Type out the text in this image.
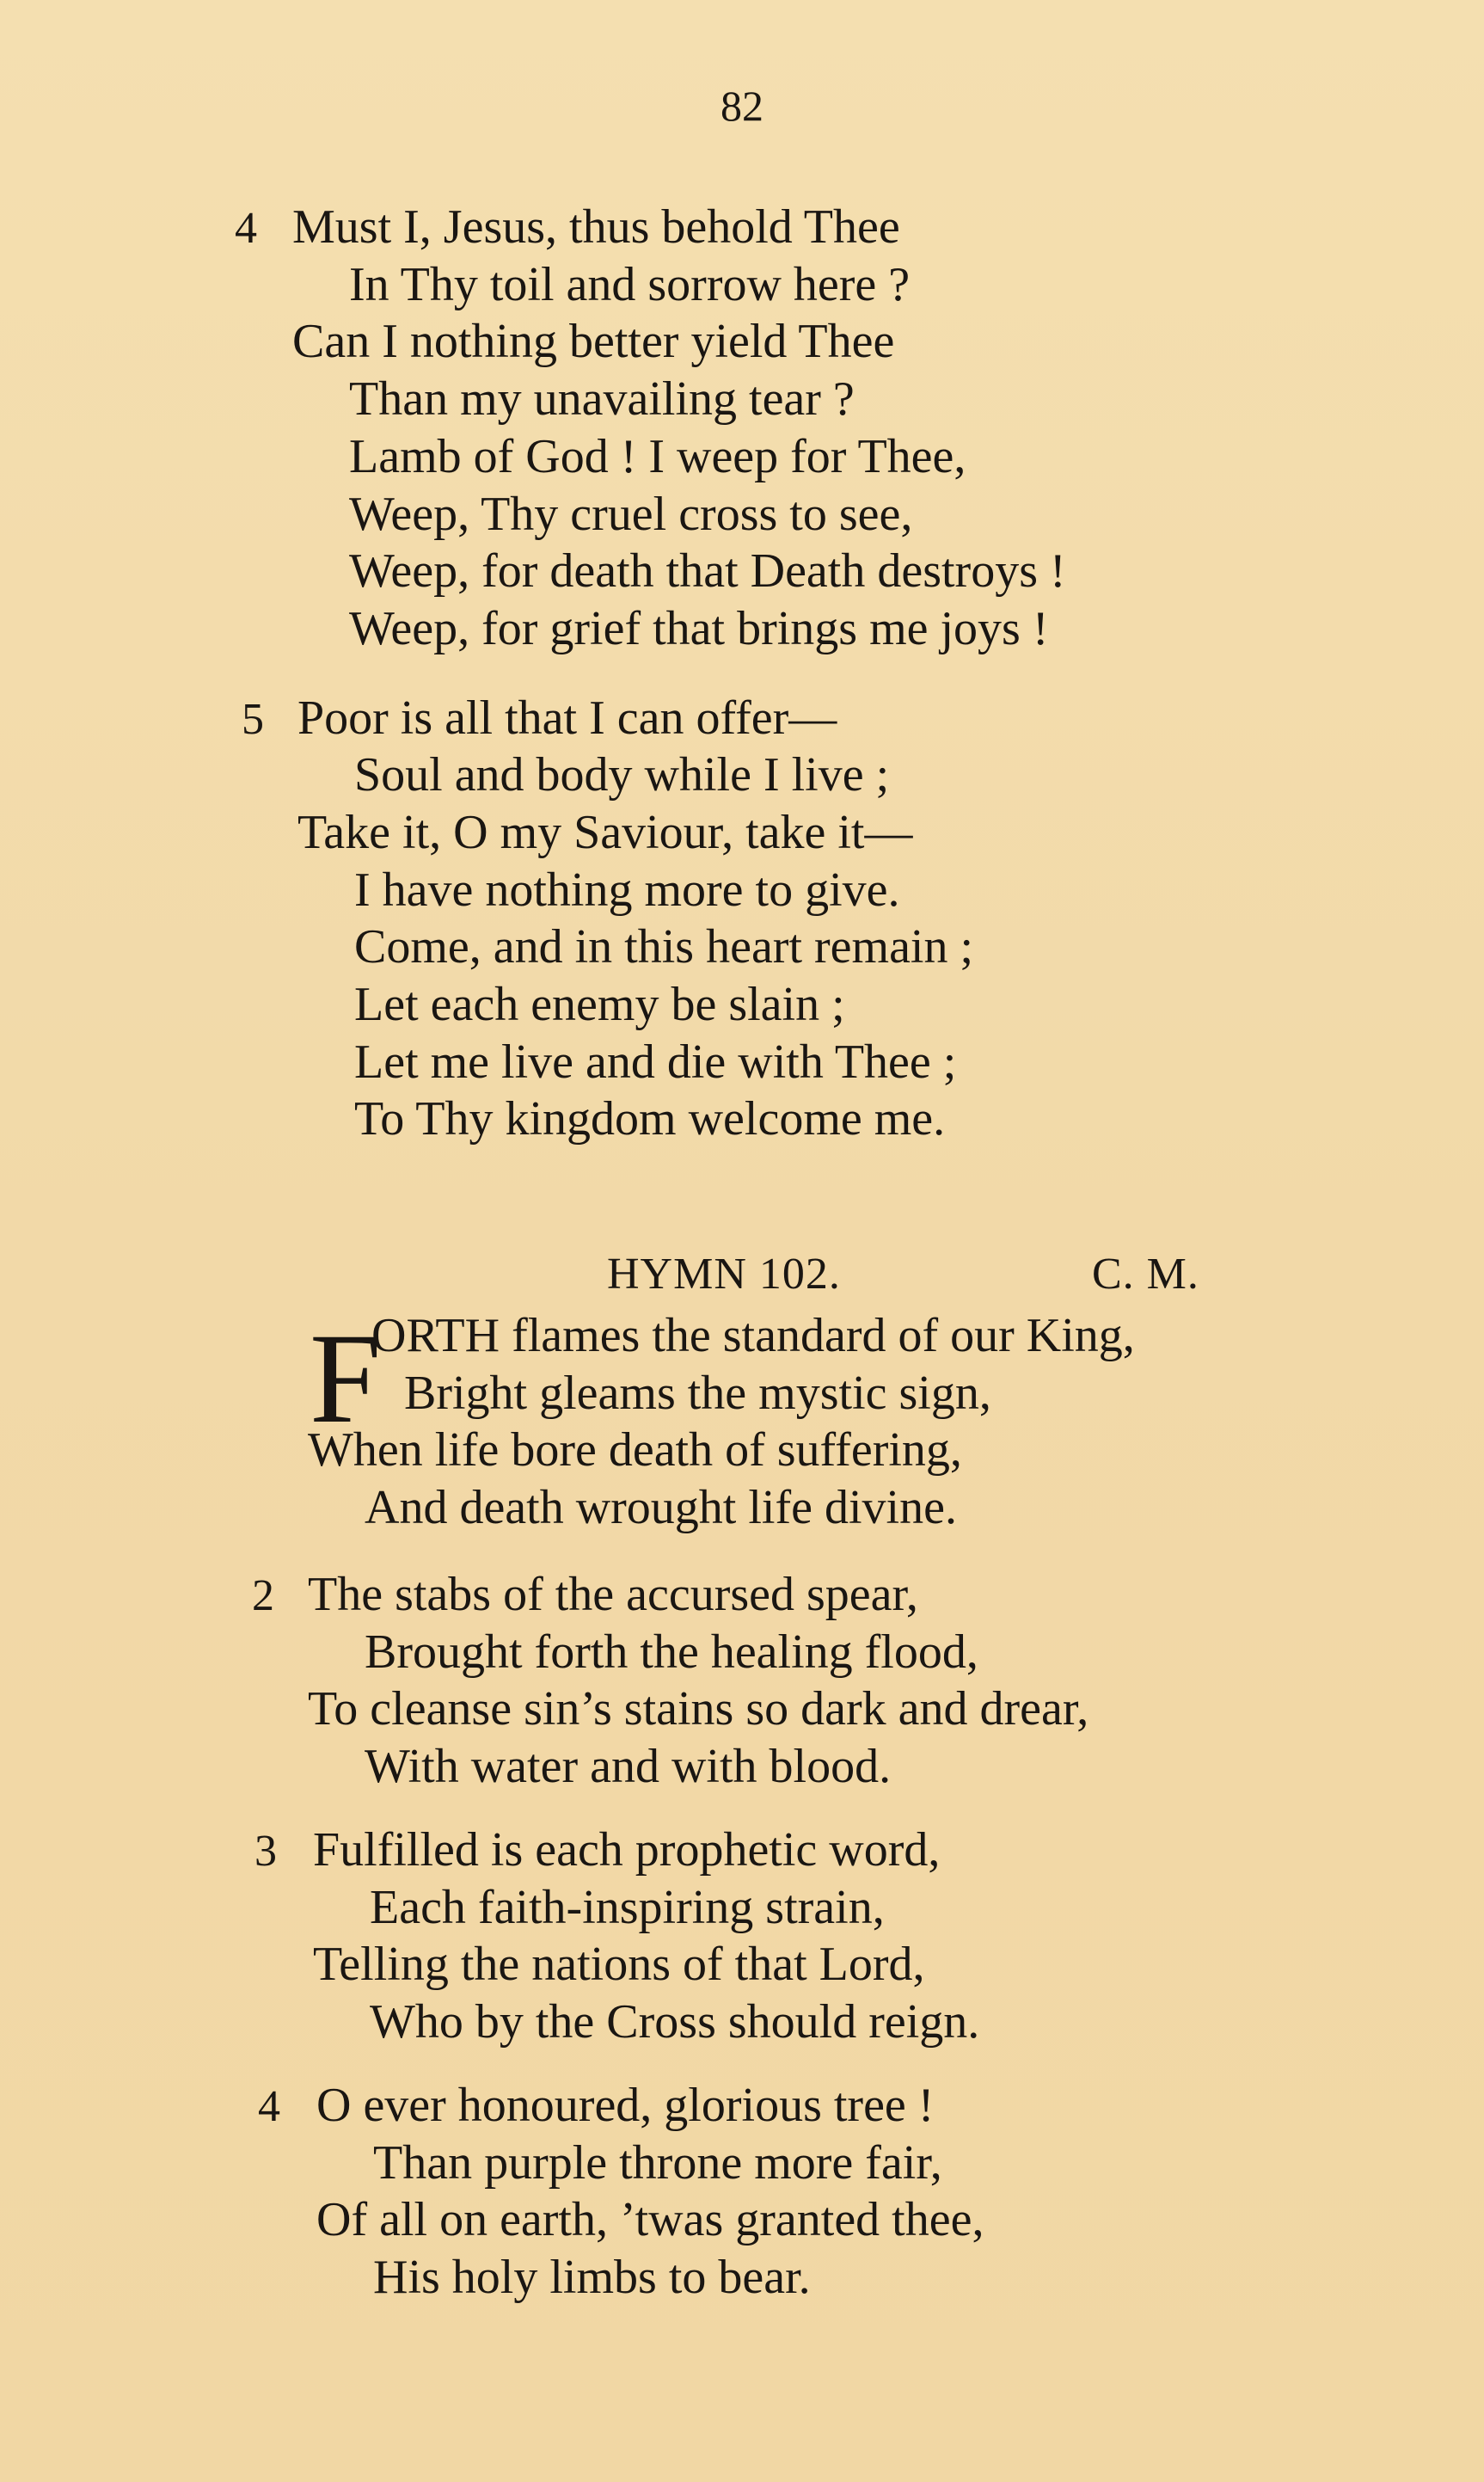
82
4 Must I, Jesus, thus behold Thee
In Thy toil and sorrow here ?
Can I nothing better yield Thee
Than my unavailing tear ?
Lamb of God ! I weep for Thee,
Weep, Thy cruel cross to see,
Weep, for death that Death destroys !
Weep, for grief that brings me joys !
5 Poor is all that I can offer—
Soul and body while I live ;
Take it, O my Saviour, take it—
I have nothing more to give.
Come, and in this heart remain ;
Let each enemy be slain ;
Let me live and die with Thee ;
To Thy kingdom welcome me.
HYMN 102.	C. M.
F
ORTH flames the standard of our King,
Bright gleams the mystic sign,
When life bore death of suffering,
And death wrought life divine.
2 The stabs of the accursed spear,
Brought forth the healing flood,
To cleanse sin’s stains so dark and drear,
With water and with blood.
3 Fulfilled is each prophetic word,
Each faith-inspiring strain,
Telling the nations of that Lord,
Who by the Cross should reign.
4 O ever honoured, glorious tree !
Than purple throne more fair,
Of all on earth, ’twas granted thee,
His holy limbs to bear.
